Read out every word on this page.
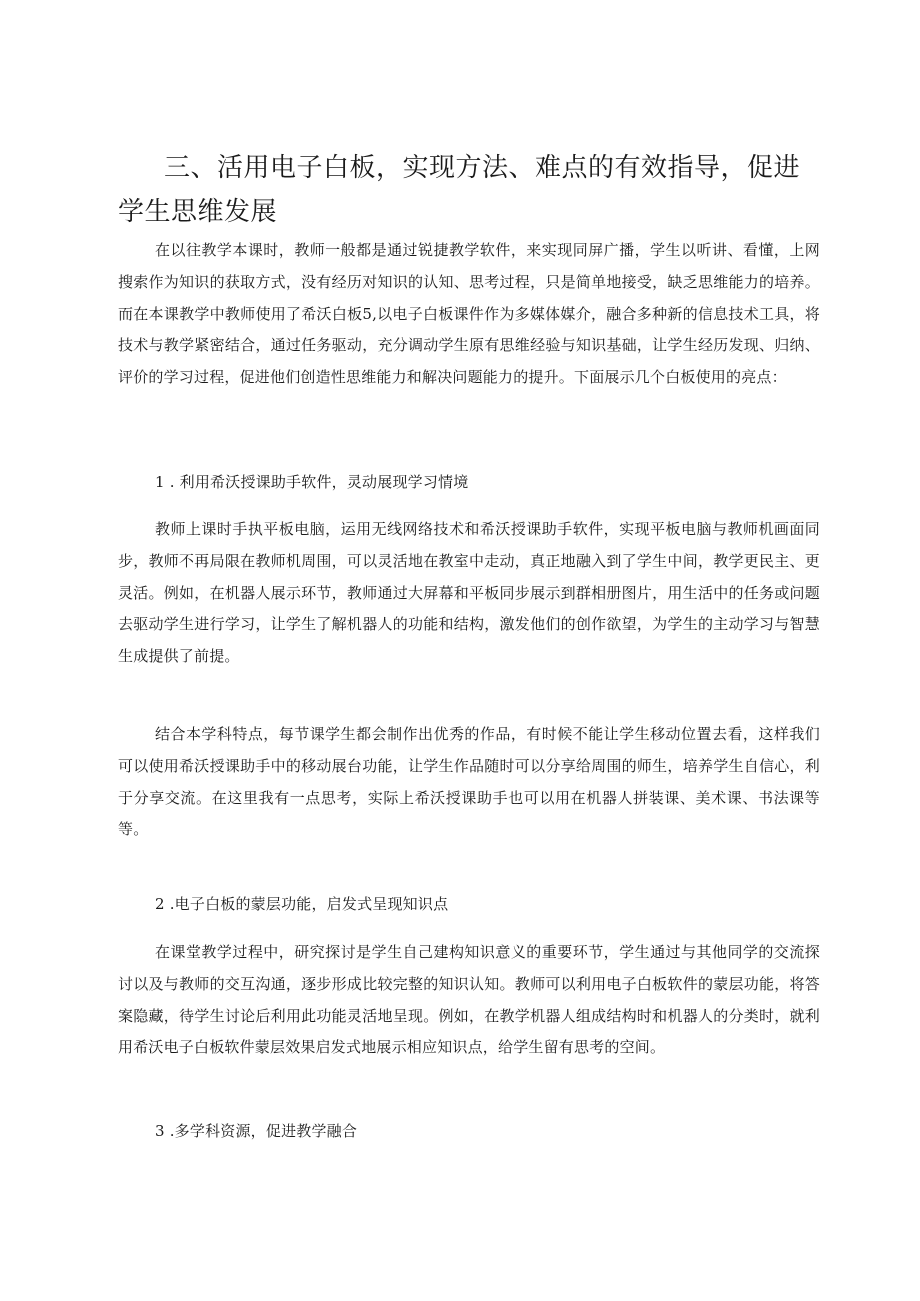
三、活用电子白板，实现方法、难点的有效指导，促进学生思维发展

在以往教学本课时，教师一般都是通过锐捷教学软件，来实现同屏广播，学生以听讲、看懂，上网搜索作为知识的获取方式，没有经历对知识的认知、思考过程，只是简单地接受，缺乏思维能力的培养。而在本课教学中教师使用了希沃白板5,以电子白板课件作为多媒体媒介，融合多种新的信息技术工具，将技术与教学紧密结合，通过任务驱动，充分调动学生原有思维经验与知识基础，让学生经历发现、归纳、评价的学习过程，促进他们创造性思维能力和解决问题能力的提升。下面展示几个白板使用的亮点：

1 . 利用希沃授课助手软件，灵动展现学习情境

教师上课时手执平板电脑，运用无线网络技术和希沃授课助手软件，实现平板电脑与教师机画面同步，教师不再局限在教师机周围，可以灵活地在教室中走动，真正地融入到了学生中间，教学更民主、更灵活。例如，在机器人展示环节，教师通过大屏幕和平板同步展示到群相册图片，用生活中的任务或问题去驱动学生进行学习，让学生了解机器人的功能和结构，激发他们的创作欲望，为学生的主动学习与智慧生成提供了前提。

结合本学科特点，每节课学生都会制作出优秀的作品，有时候不能让学生移动位置去看，这样我们可以使用希沃授课助手中的移动展台功能，让学生作品随时可以分享给周围的师生，培养学生自信心，利于分享交流。在这里我有一点思考，实际上希沃授课助手也可以用在机器人拼装课、美术课、书法课等等。

2 .电子白板的蒙层功能，启发式呈现知识点

在课堂教学过程中，研究探讨是学生自己建构知识意义的重要环节，学生通过与其他同学的交流探讨以及与教师的交互沟通，逐步形成比较完整的知识认知。教师可以利用电子白板软件的蒙层功能，将答案隐藏，待学生讨论后利用此功能灵活地呈现。例如，在教学机器人组成结构时和机器人的分类时，就利用希沃电子白板软件蒙层效果启发式地展示相应知识点，给学生留有思考的空间。

3 .多学科资源，促进教学融合
